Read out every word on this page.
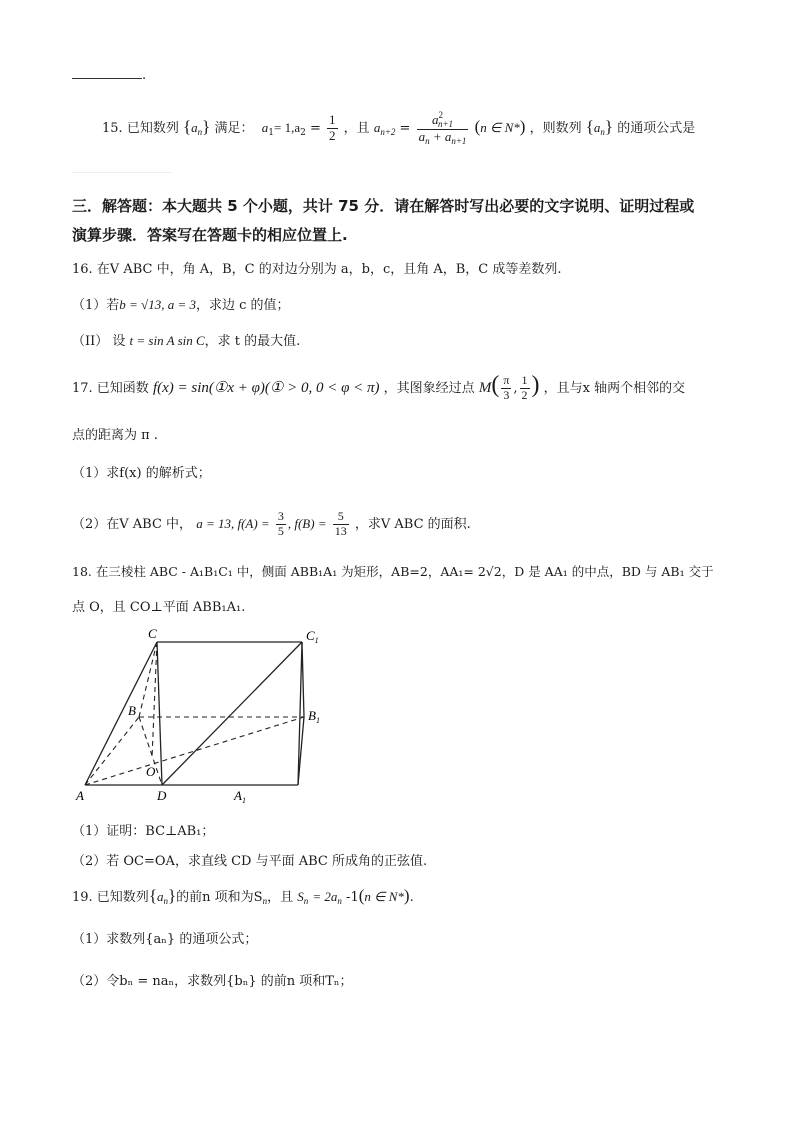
.
15. 已知数列 $\{a_n\}$ 满足： $a_1= 1,a_2 = \frac{1}{2}$ ，且 $a_{n+2} = \frac{a^2_{n+1}}{a_n + a_{n+1}} (n$ ∈ N*) ，则数列 $\{a_n\}$ 的通项公式是
三．解答题：本大题共 5 个小题，共计 75 分．请在解答时写出必要的文字说明、证明过程或
演算步骤．答案写在答题卡的相应位置上.
16. 在V ABC 中，角 A，B，C 的对边分别为 a，b，c，且角 A，B，C 成等差数列.
（1）若b = √13, a = 3，求边 c 的值；
（II） 设 t = sin A sin C，求 t 的最大值.
17. 已知函数 f(x) = sin(①x + φ)(① > 0, 0 < φ < π) ，其图象经过点 $M( \frac{\pi}{3}$ , $\frac{1}{2}$ ) ，且与x 轴两个相邻的交
点的距离为 π .
（1）求f(x) 的解析式；
（2）在V ABC 中， a = 13, $f(A) = \frac{3}{5}$ , $f(B) = \frac{5}{13}$ ，求V ABC 的面积.
18. 在三棱柱 ABC - A₁B₁C₁ 中，侧面 ABB₁A₁ 为矩形，AB=2，AA₁= 2√2，D 是 AA₁ 的中点，BD 与 AB₁ 交于
点 O，且 CO⊥平面 ABB₁A₁.
C	$C_1$
B	$B_1$
O
A	D	$A_1$
（1）证明：BC⊥AB₁；
（2）若 OC=OA，求直线 CD 与平面 ABC 所成角的正弦值.
19. 已知数列$\{a_n\}$的前n 项和为$S_n$，且 $S_n = 2a_n$ -1(n ∈ N*).
（1）求数列{aₙ} 的通项公式；
（2）令bₙ = naₙ，求数列{bₙ} 的前n 项和Tₙ；
